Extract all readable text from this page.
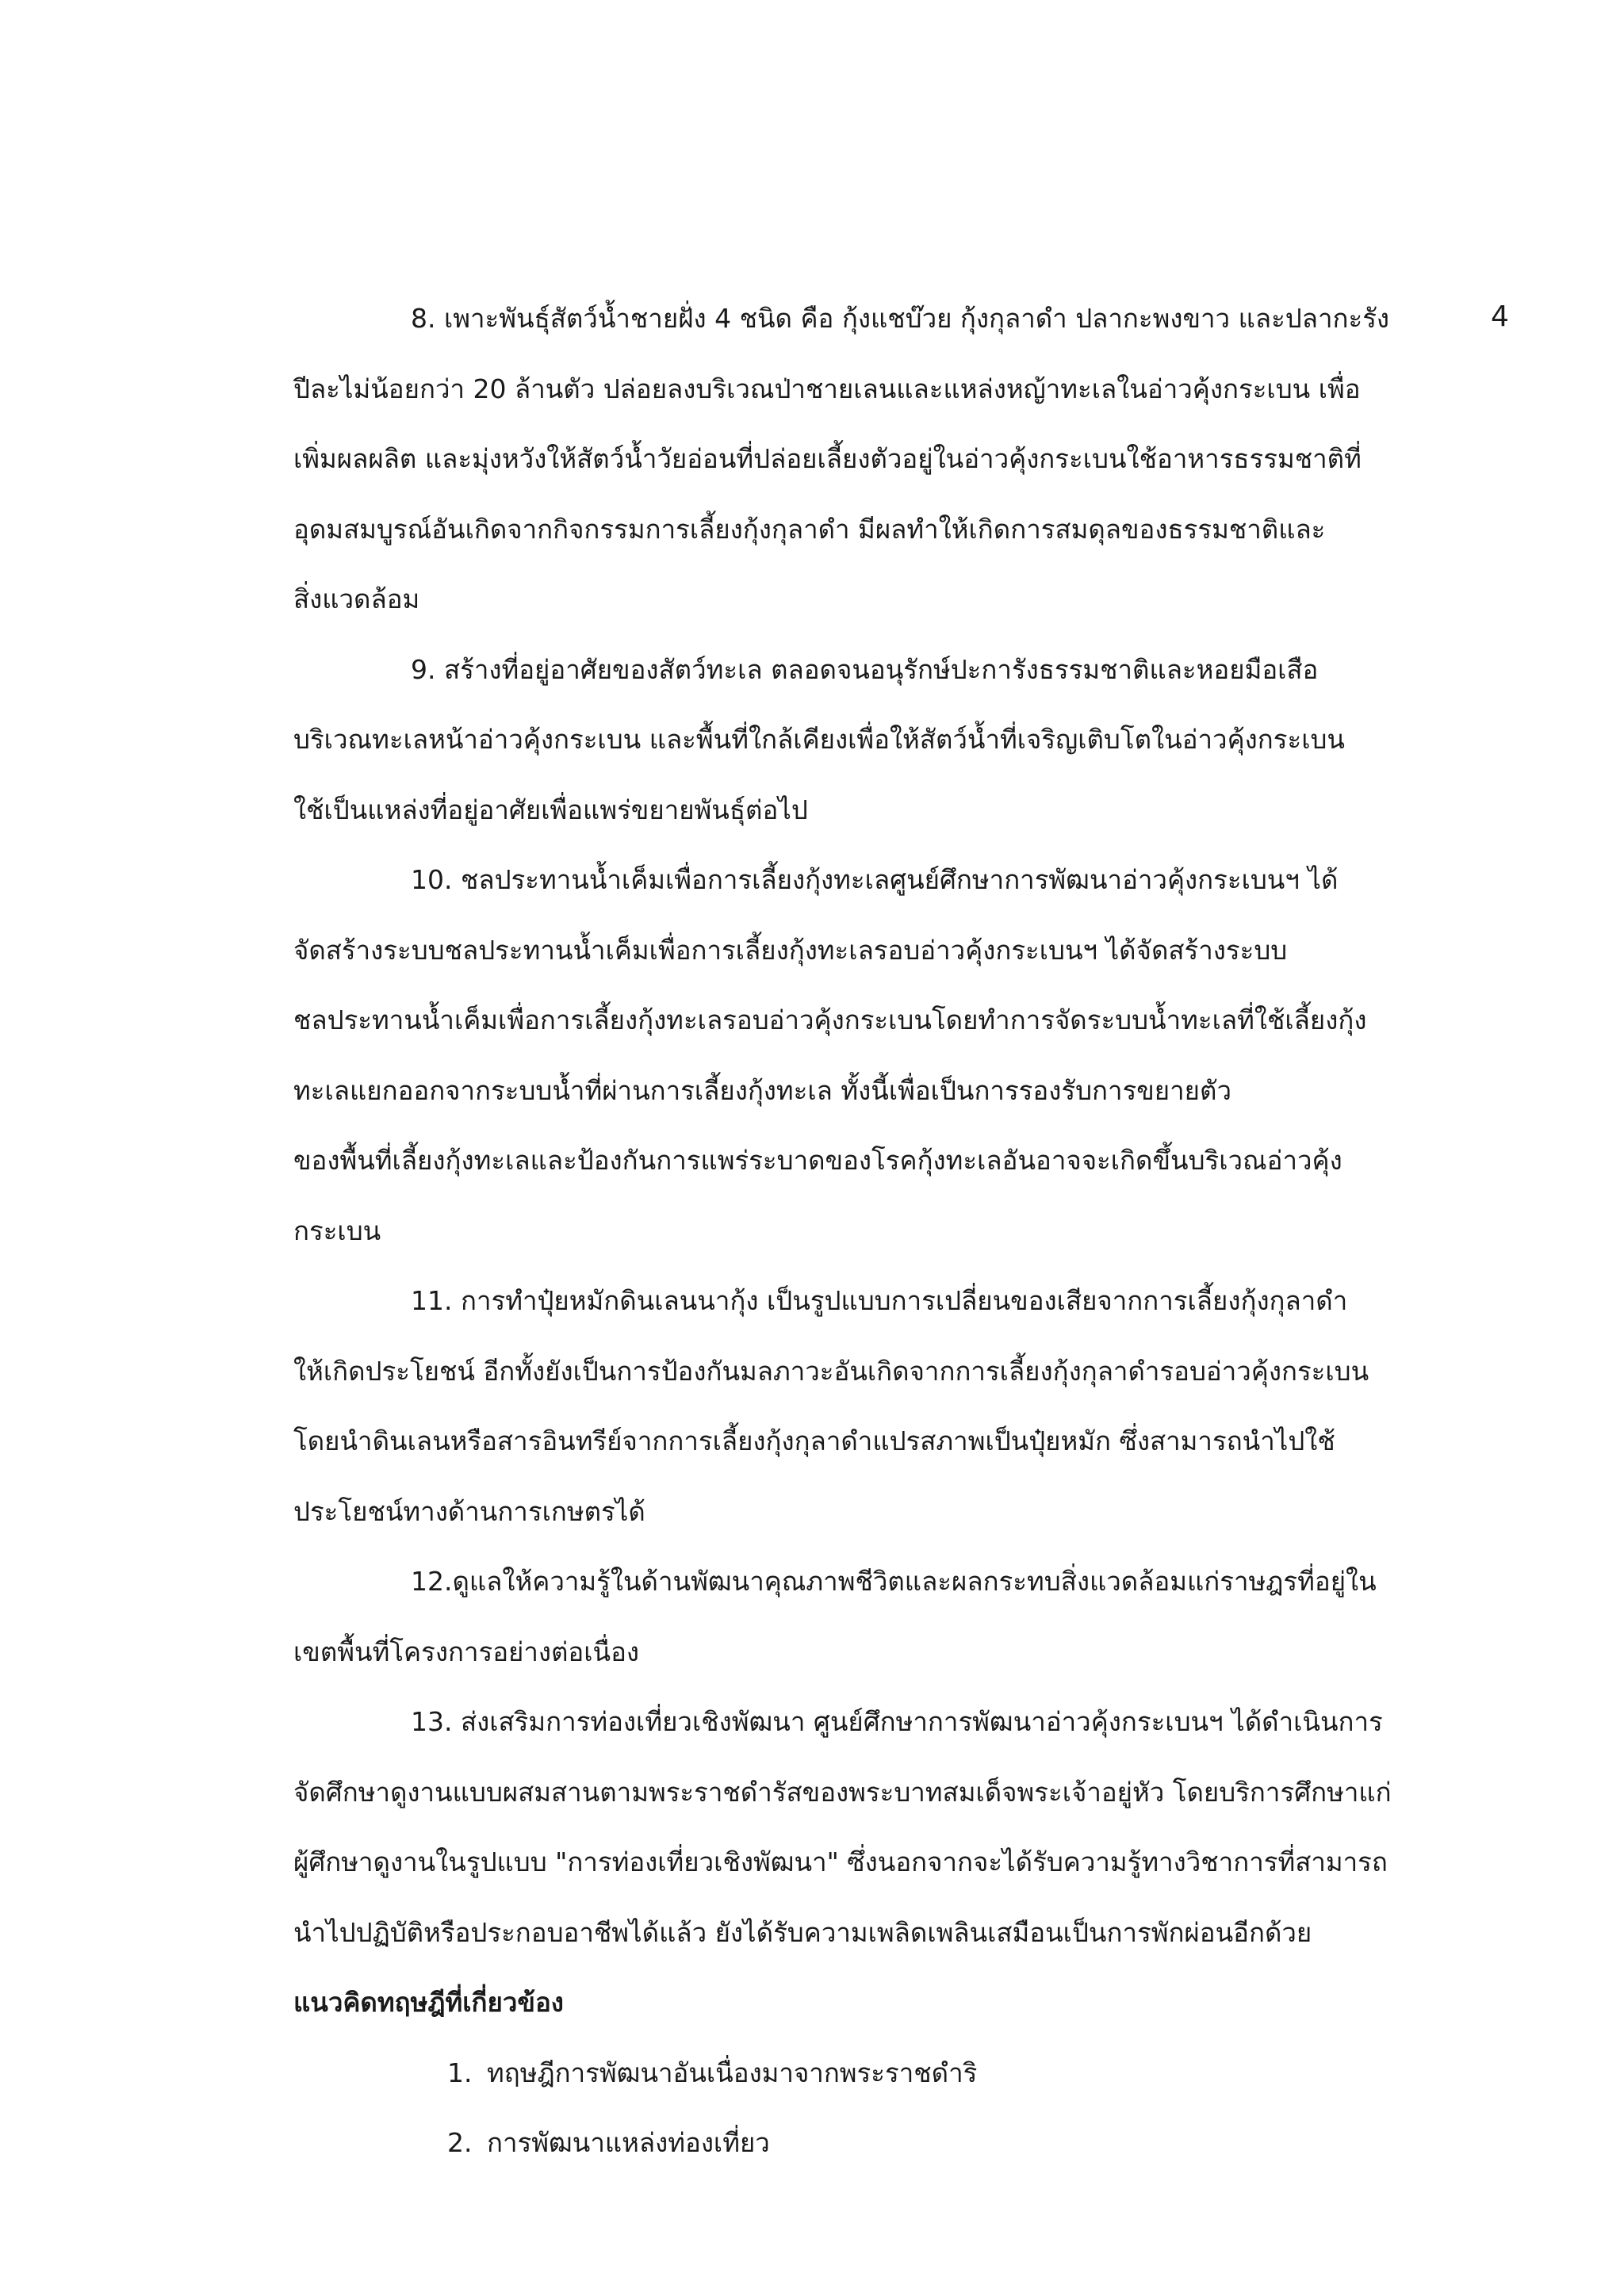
4
8. เพาะพันธุ์สัตว์น้ำชายฝั่ง 4 ชนิด คือ กุ้งแชบ๊วย กุ้งกุลาดำ ปลากะพงขาว และปลากะรัง
ปีละไม่น้อยกว่า 20 ล้านตัว ปล่อยลงบริเวณป่าชายเลนและแหล่งหญ้าทะเลในอ่าวคุ้งกระเบน เพื่อ
เพิ่มผลผลิต และมุ่งหวังให้สัตว์น้ำวัยอ่อนที่ปล่อยเลี้ยงตัวอยู่ในอ่าวคุ้งกระเบนใช้อาหารธรรมชาติที่
อุดมสมบูรณ์อันเกิดจากกิจกรรมการเลี้ยงกุ้งกุลาดำ มีผลทำให้เกิดการสมดุลของธรรมชาติและ
สิ่งแวดล้อม
9. สร้างที่อยู่อาศัยของสัตว์ทะเล ตลอดจนอนุรักษ์ปะการังธรรมชาติและหอยมือเสือ
บริเวณทะเลหน้าอ่าวคุ้งกระเบน และพื้นที่ใกล้เคียงเพื่อให้สัตว์น้ำที่เจริญเติบโตในอ่าวคุ้งกระเบน
ใช้เป็นแหล่งที่อยู่อาศัยเพื่อแพร่ขยายพันธุ์ต่อไป
10. ชลประทานน้ำเค็มเพื่อการเลี้ยงกุ้งทะเลศูนย์ศึกษาการพัฒนาอ่าวคุ้งกระเบนฯ ได้
จัดสร้างระบบชลประทานน้ำเค็มเพื่อการเลี้ยงกุ้งทะเลรอบอ่าวคุ้งกระเบนฯ ได้จัดสร้างระบบ
ชลประทานน้ำเค็มเพื่อการเลี้ยงกุ้งทะเลรอบอ่าวคุ้งกระเบนโดยทำการจัดระบบน้ำทะเลที่ใช้เลี้ยงกุ้ง
ทะเลแยกออกจากระบบน้ำที่ผ่านการเลี้ยงกุ้งทะเล ทั้งนี้เพื่อเป็นการรองรับการขยายตัว
ของพื้นที่เลี้ยงกุ้งทะเลและป้องกันการแพร่ระบาดของโรคกุ้งทะเลอันอาจจะเกิดขึ้นบริเวณอ่าวคุ้ง
กระเบน
11. การทำปุ๋ยหมักดินเลนนากุ้ง เป็นรูปแบบการเปลี่ยนของเสียจากการเลี้ยงกุ้งกุลาดำ
ให้เกิดประโยชน์ อีกทั้งยังเป็นการป้องกันมลภาวะอันเกิดจากการเลี้ยงกุ้งกุลาดำรอบอ่าวคุ้งกระเบน
โดยนำดินเลนหรือสารอินทรีย์จากการเลี้ยงกุ้งกุลาดำแปรสภาพเป็นปุ๋ยหมัก ซึ่งสามารถนำไปใช้
ประโยชน์ทางด้านการเกษตรได้
12.ดูแลให้ความรู้ในด้านพัฒนาคุณภาพชีวิตและผลกระทบสิ่งแวดล้อมแก่ราษฎรที่อยู่ใน
เขตพื้นที่โครงการอย่างต่อเนื่อง
13. ส่งเสริมการท่องเที่ยวเชิงพัฒนา ศูนย์ศึกษาการพัฒนาอ่าวคุ้งกระเบนฯ ได้ดำเนินการ
จัดศึกษาดูงานแบบผสมสานตามพระราชดำรัสของพระบาทสมเด็จพระเจ้าอยู่หัว โดยบริการศึกษาแก่
ผู้ศึกษาดูงานในรูปแบบ "การท่องเที่ยวเชิงพัฒนา" ซึ่งนอกจากจะได้รับความรู้ทางวิชาการที่สามารถ
นำไปปฏิบัติหรือประกอบอาชีพได้แล้ว ยังได้รับความเพลิดเพลินเสมือนเป็นการพักผ่อนอีกด้วย
แนวคิดทฤษฎีที่เกี่ยวข้อง
1. ทฤษฎีการพัฒนาอันเนื่องมาจากพระราชดำริ
2. การพัฒนาแหล่งท่องเที่ยว
